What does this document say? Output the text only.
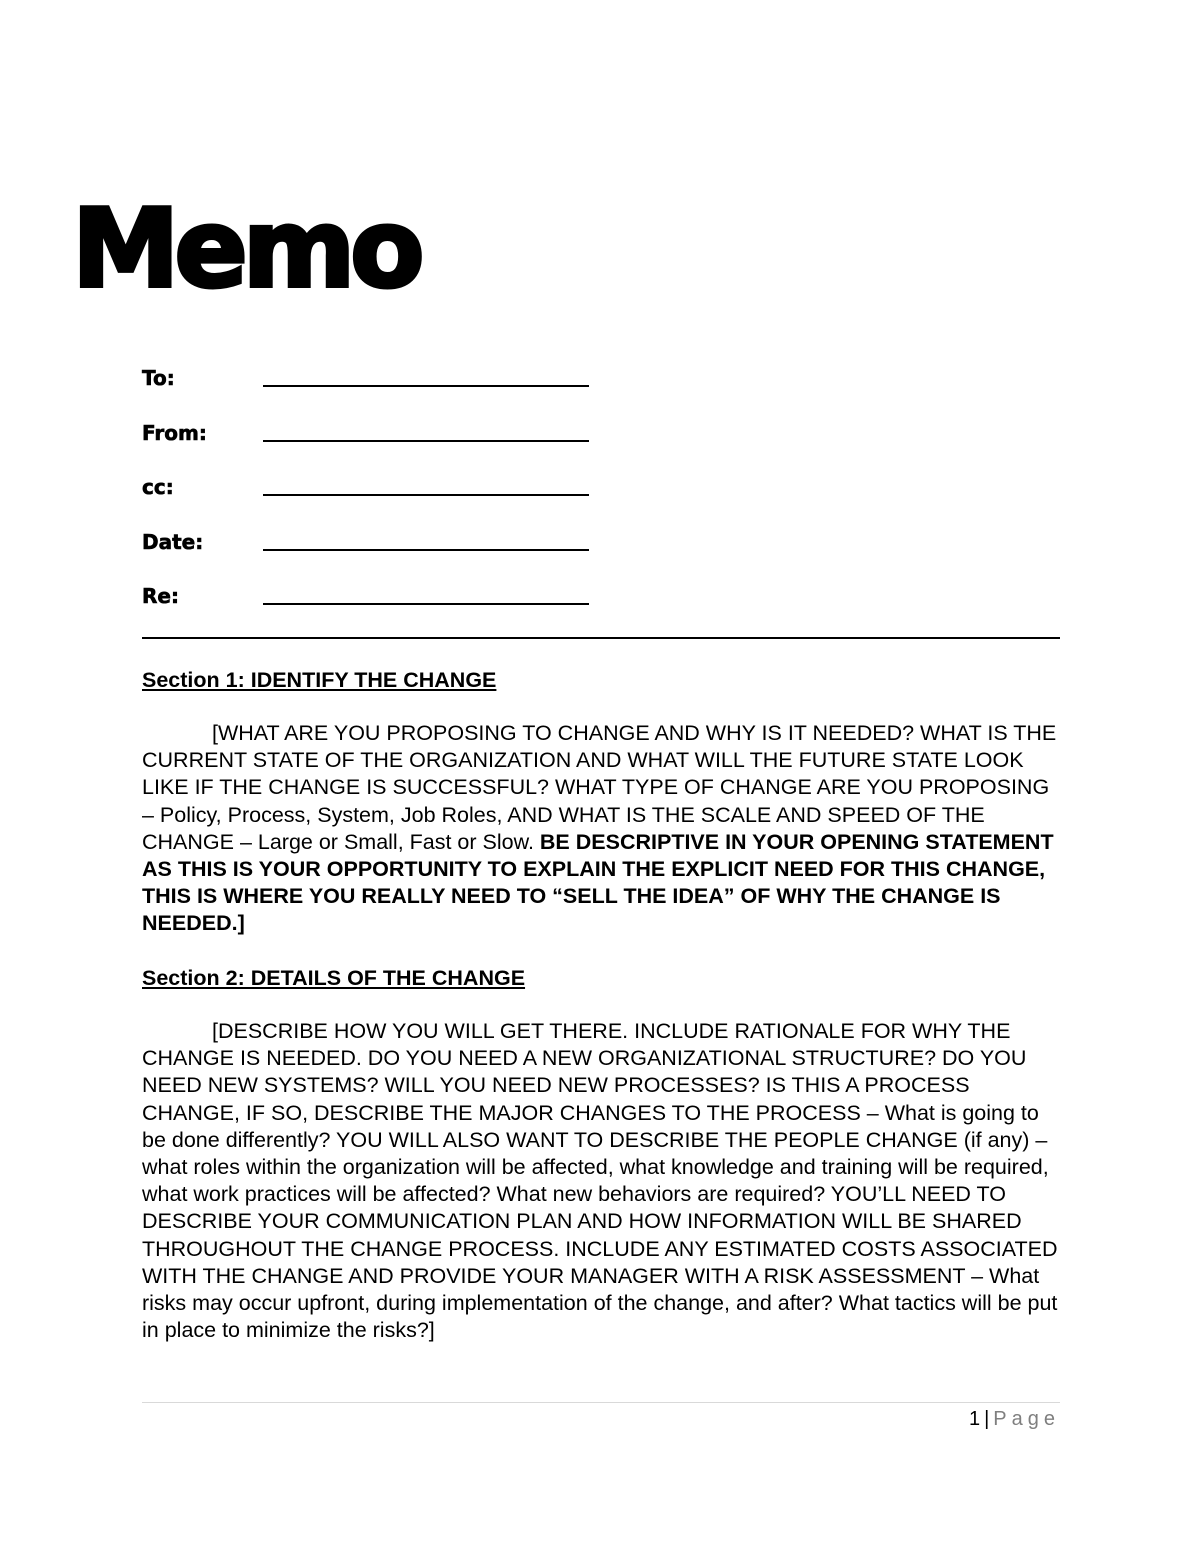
Memo
To:
From:
cc:
Date:
Re:
Section 1: IDENTIFY THE CHANGE

[WHAT ARE YOU PROPOSING TO CHANGE AND WHY IS IT NEEDED? WHAT IS THE CURRENT STATE OF THE ORGANIZATION AND WHAT WILL THE FUTURE STATE LOOK LIKE IF THE CHANGE IS SUCCESSFUL? WHAT TYPE OF CHANGE ARE YOU PROPOSING – Policy, Process, System, Job Roles, AND WHAT IS THE SCALE AND SPEED OF THE CHANGE – Large or Small, Fast or Slow. BE DESCRIPTIVE IN YOUR OPENING STATEMENT AS THIS IS YOUR OPPORTUNITY TO EXPLAIN THE EXPLICIT NEED FOR THIS CHANGE, THIS IS WHERE YOU REALLY NEED TO “SELL THE IDEA” OF WHY THE CHANGE IS NEEDED.]

Section 2: DETAILS OF THE CHANGE

[DESCRIBE HOW YOU WILL GET THERE. INCLUDE RATIONALE FOR WHY THE CHANGE IS NEEDED. DO YOU NEED A NEW ORGANIZATIONAL STRUCTURE? DO YOU NEED NEW SYSTEMS? WILL YOU NEED NEW PROCESSES? IS THIS A PROCESS CHANGE, IF SO, DESCRIBE THE MAJOR CHANGES TO THE PROCESS – What is going to be done differently? YOU WILL ALSO WANT TO DESCRIBE THE PEOPLE CHANGE (if any) – what roles within the organization will be affected, what knowledge and training will be required, what work practices will be affected? What new behaviors are required? YOU’LL NEED TO DESCRIBE YOUR COMMUNICATION PLAN AND HOW INFORMATION WILL BE SHARED THROUGHOUT THE CHANGE PROCESS. INCLUDE ANY ESTIMATED COSTS ASSOCIATED WITH THE CHANGE AND PROVIDE YOUR MANAGER WITH A RISK ASSESSMENT – What risks may occur upfront, during implementation of the change, and after? What tactics will be put in place to minimize the risks?]

1 | Page
